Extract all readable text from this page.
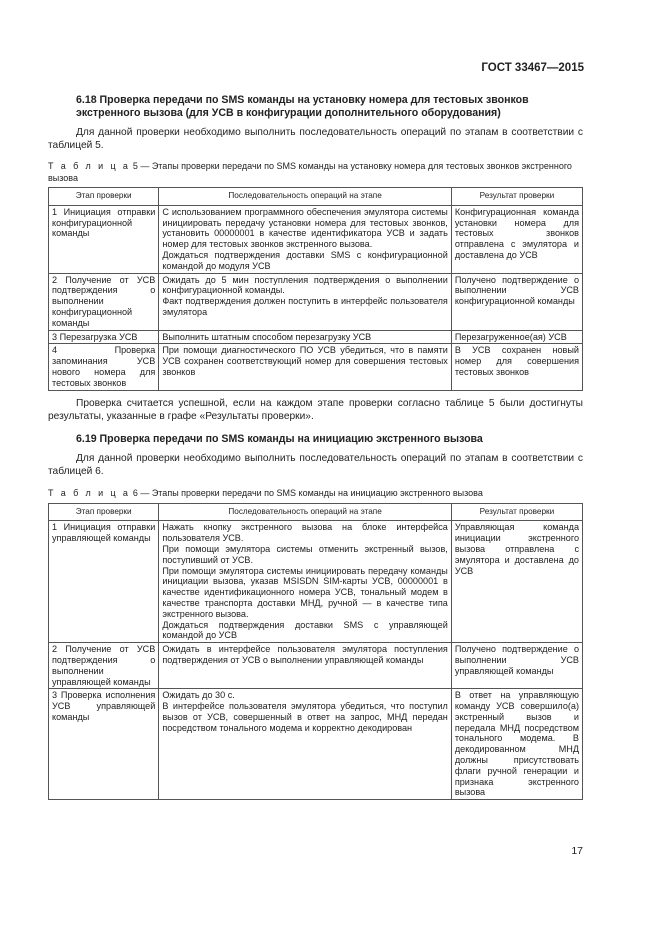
ГОСТ 33467—2015
6.18 Проверка передачи по SMS команды на установку номера для тестовых звонков экстренного вызова (для УСВ в конфигурации дополнительного оборудования)

Для данной проверки необходимо выполнить последовательность операций по этапам в соответствии с таблицей 5.

Т а б л и ц а 5 — Этапы проверки передачи по SMS команды на установку номера для тестовых звонков экстренного вызова

Этап проверки	Последовательность операций на этапе	Результат проверки
1 Инициация отправки конфигурационной команды	С использованием программного обеспечения эмулятора системы инициировать передачу установки номера для тестовых звонков, установить 00000001 в качестве идентификатора УСВ и задать номер для тестовых звонков экстренного вызова.
Дождаться подтверждения доставки SMS с конфигурационной командой до модуля УСВ	Конфигурационная команда установки номера для тестовых звонков отправлена с эмулятора и доставлена до УСВ
2 Получение от УСВ подтверждения о выполнении конфигурационной команды	Ожидать до 5 мин поступления подтверждения о выполнении конфигурационной команды.
Факт подтверждения должен поступить в интерфейс пользователя эмулятора	Получено подтверждение о выполнении УСВ конфигурационной команды
3 Перезагрузка УСВ	Выполнить штатным способом перезагрузку УСВ	Перезагруженное(ая) УСВ
4 Проверка запоминания УСВ нового номера для тестовых звонков	При помощи диагностического ПО УСВ убедиться, что в памяти УСВ сохранен соответствующий номер для совершения тестовых звонков	В УСВ сохранен новый номер для совершения тестовых звонков

Проверка считается успешной, если на каждом этапе проверки согласно таблице 5 были достигнуты результаты, указанные в графе «Результаты проверки».

6.19 Проверка передачи по SMS команды на инициацию экстренного вызова

Для данной проверки необходимо выполнить последовательность операций по этапам в соответствии с таблицей 6.

Т а б л и ц а 6 — Этапы проверки передачи по SMS команды на инициацию экстренного вызова

Этап проверки	Последовательность операций на этапе	Результат проверки
1 Инициация отправки управляющей команды	Нажать кнопку экстренного вызова на блоке интерфейса пользователя УСВ.
При помощи эмулятора системы отменить экстренный вызов, поступивший от УСВ.
При помощи эмулятора системы инициировать передачу команды инициации вызова, указав MSISDN SIM-карты УСВ, 00000001 в качестве идентификационного номера УСВ, тональный модем в качестве транспорта доставки МНД, ручной — в качестве типа экстренного вызова.
Дождаться подтверждения доставки SMS с управляющей командой до УСВ	Управляющая команда инициации экстренного вызова отправлена с эмулятора и доставлена до УСВ
2 Получение от УСВ подтверждения о выполнении управляющей команды	Ожидать в интерфейсе пользователя эмулятора поступления подтверждения от УСВ о выполнении управляющей команды	Получено подтверждение о выполнении УСВ управляющей команды
3 Проверка исполнения УСВ управляющей команды	Ожидать до 30 с.
В интерфейсе пользователя эмулятора убедиться, что поступил вызов от УСВ, совершенный в ответ на запрос, МНД передан посредством тонального модема и корректно декодирован	В ответ на управляющую команду УСВ совершило(а) экстренный вызов и передала МНД посредством тонального модема. В декодированном МНД должны присутствовать флаги ручной генерации и признака экстренного вызова
17
